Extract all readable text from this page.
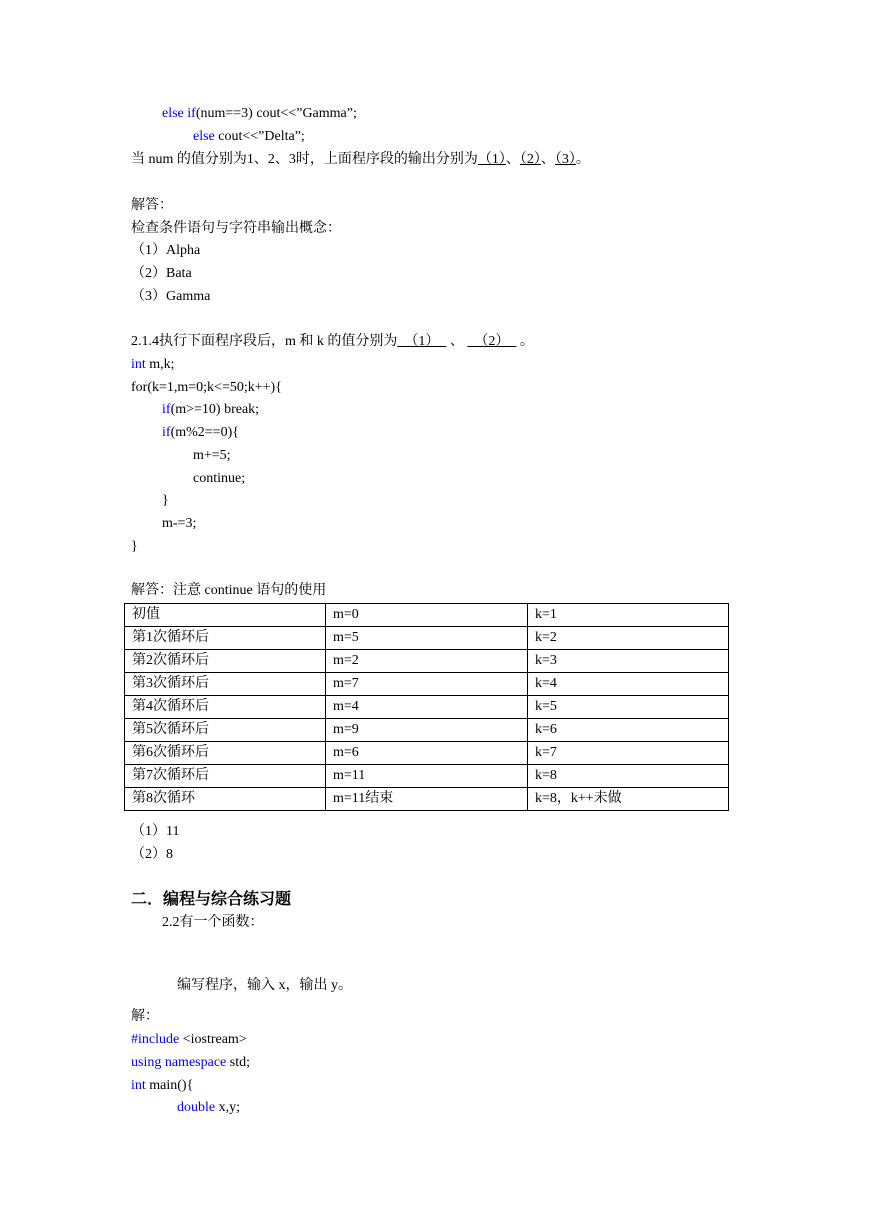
else if(num==3) cout<<”Gamma”;
else cout<<”Delta”;
当 num 的值分别为1、2、3时，上面程序段的输出分别为（1）、（2）、（3）。
解答：
检查条件语句与字符串输出概念：
（1）Alpha
（2）Bata
（3）Gamma
2.1.4执行下面程序段后，m 和 k 的值分别为  （1）   、   （2）   。
int m,k;
for(k=1,m=0;k<=50;k++){
if(m>=10) break;
if(m%2==0){
m+=5;
continue;
}
m-=3;
}
解答：注意 continue 语句的使用
初值	m=0	k=1
第1次循环后	m=5	k=2
第2次循环后	m=2	k=3
第3次循环后	m=7	k=4
第4次循环后	m=4	k=5
第5次循环后	m=9	k=6
第6次循环后	m=6	k=7
第7次循环后	m=11	k=8
第8次循环	m=11结束	k=8，k++未做
（1）11
（2）8
二．编程与综合练习题
2.2有一个函数：
编写程序，输入 x，输出 y。
解：
#include <iostream>
using namespace std;
int main(){
double x,y;
